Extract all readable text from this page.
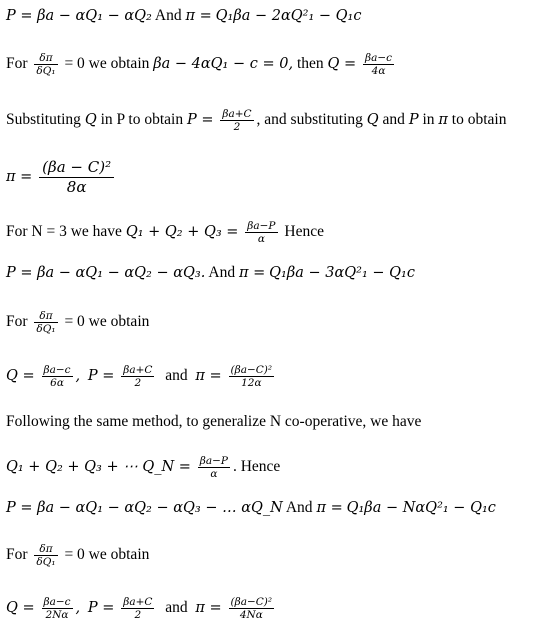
P = βa − αQ₁ − αQ₂ And π = Q₁βa − 2αQ²₁ − Q₁c
For $\frac{\delta\pi}{\text{δQ₁}} = 0$ we obtain βa − 4αQ₁ − c = 0, then $Q = \frac{\beta a-c}{4\alpha}$
Substituting Q in P to obtain $P = \frac{\beta a+C}{2}$ , and substituting Q and P in π to obtain
$\pi = \frac{\text{(βa − C)²}}{8\alpha}$
For N = 3 we have $Q_1 + Q_2 + Q_3 = \frac{\beta a-P}{\alpha}$ Hence
P = βa − αQ₁ − αQ₂ − αQ₃. And π = Q₁βa − 3αQ²₁ − Q₁c
For $\frac{\delta\pi}{\text{δQ₁}} = 0$ we obtain
$Q = \frac{\beta a-c}{6\alpha}$ , $P = \frac{\beta a+C}{2}$ and $\pi = \frac{\text{(βa−C)²}}{12\alpha}$
Following the same method, to generalize N co-operative, we have
Q₁ + Q₂ + Q₃ + ⋯ Q_N = $\frac{\beta a-P}{\alpha}$ . Hence
P = βa − αQ₁ − αQ₂ − αQ₃ − … αQ_N And π = Q₁βa − NαQ²₁ − Q₁c
For $\frac{\delta\pi}{\text{δQ₁}} = 0$ we obtain
$Q = \frac{\beta a-c}{2N\alpha}$ , $P = \frac{\beta a+C}{2}$ and $\pi = \frac{\text{(βa−C)²}}{4N\alpha}$
